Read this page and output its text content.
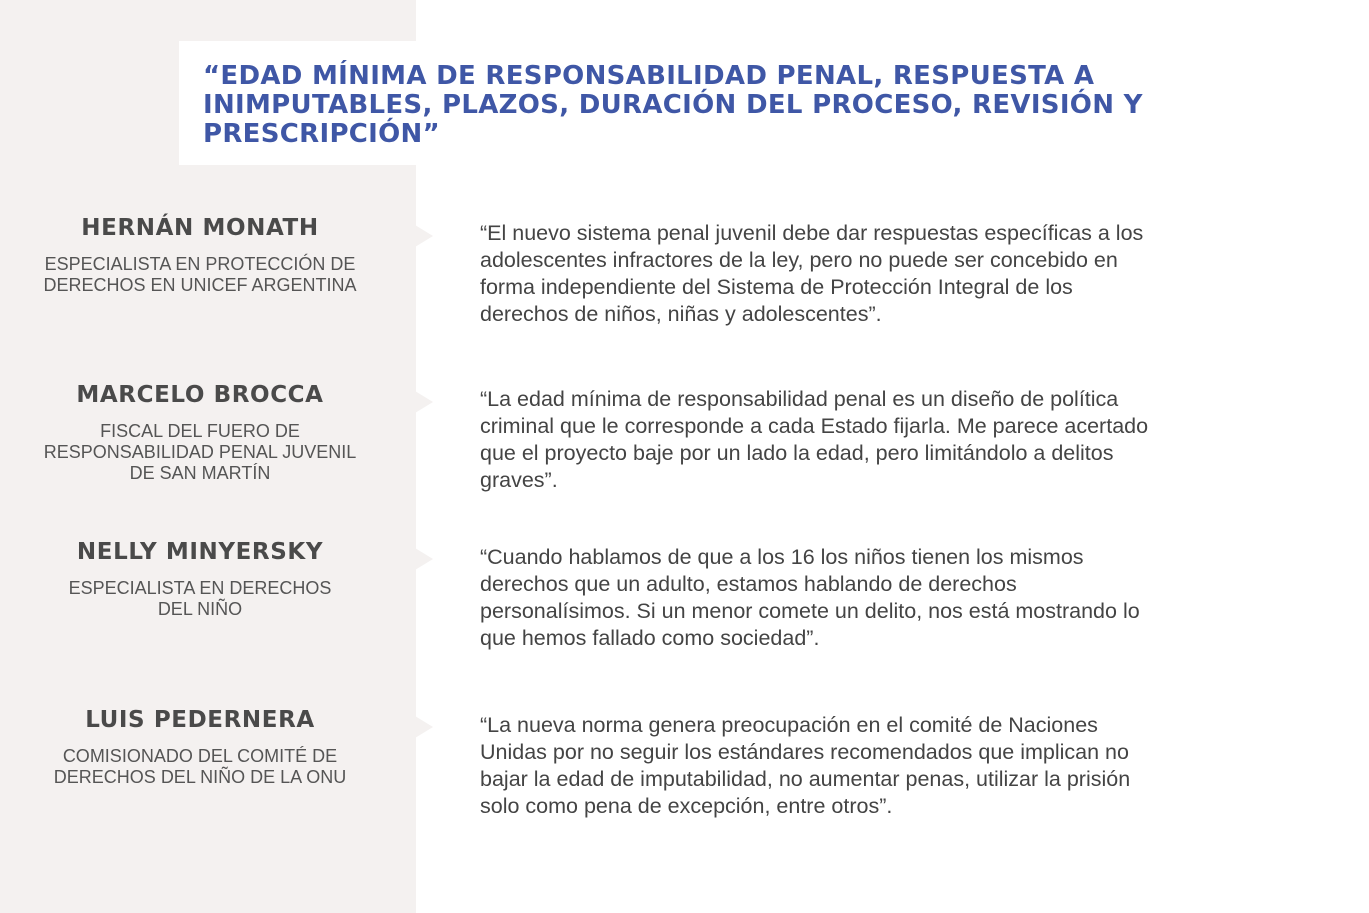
“EDAD MÍNIMA DE RESPONSABILIDAD PENAL, RESPUESTA A INIMPUTABLES, PLAZOS, DURACIÓN DEL PROCESO, REVISIÓN Y PRESCRIPCIÓN”

HERNÁN MONATH

ESPECIALISTA EN PROTECCIÓN DE DERECHOS EN UNICEF ARGENTINA

“El nuevo sistema penal juvenil debe dar respuestas específicas a los adolescentes infractores de la ley, pero no puede ser concebido en forma independiente del Sistema de Protección Integral de los derechos de niños, niñas y adolescentes”.

MARCELO BROCCA

FISCAL DEL FUERO DE RESPONSABILIDAD PENAL JUVENIL DE SAN MARTÍN

“La edad mínima de responsabilidad penal es un diseño de política criminal que le corresponde a cada Estado fijarla. Me parece acertado que el proyecto baje por un lado la edad, pero limitándolo a delitos graves”.

NELLY MINYERSKY

ESPECIALISTA EN DERECHOS DEL NIÑO

“Cuando hablamos de que a los 16 los niños tienen los mismos derechos que un adulto, estamos hablando de derechos personalísimos. Si un menor comete un delito, nos está mostrando lo que hemos fallado como sociedad”.

LUIS PEDERNERA

COMISIONADO DEL COMITÉ DE DERECHOS DEL NIÑO DE LA ONU

“La nueva norma genera preocupación en el comité de Naciones Unidas por no seguir los estándares recomendados que implican no bajar la edad de imputabilidad, no aumentar penas, utilizar la prisión solo como pena de excepción, entre otros”.
